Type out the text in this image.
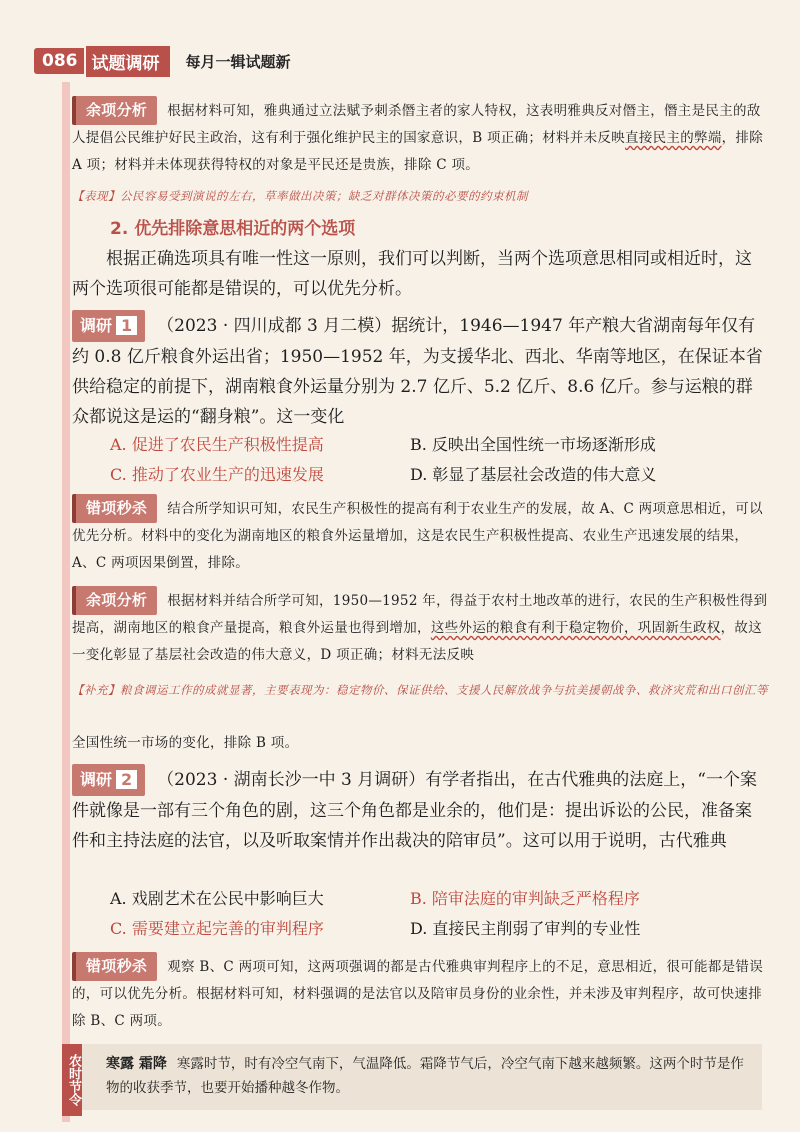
086 试题调研	每月一辑试题新
余项分析 根据材料可知，雅典通过立法赋予刺杀僭主者的家人特权，这表明雅典反对僭主，僭主是民主的敌人提倡公民维护好民主政治，这有利于强化维护民主的国家意识，B 项正确；材料并未反映直接民主的弊端，排除 A 项；材料并未体现获得特权的对象是平民还是贵族，排除 C 项。
【表现】公民容易受到演说的左右，草率做出决策；缺乏对群体决策的必要的约束机制
2. 优先排除意思相近的两个选项
根据正确选项具有唯一性这一原则，我们可以判断，当两个选项意思相同或相近时，这两个选项很可能都是错误的，可以优先分析。
调研 1 （2023 · 四川成都 3 月二模）据统计，1946—1947 年产粮大省湖南每年仅有约 0.8 亿斤粮食外运出省；1950—1952 年，为支援华北、西北、华南等地区，在保证本省供给稳定的前提下，湖南粮食外运量分别为 2.7 亿斤、5.2 亿斤、8.6 亿斤。参与运粮的群众都说这是运的“翻身粮”。这一变化
A. 促进了农民生产积极性提高	B. 反映出全国性统一市场逐渐形成
C. 推动了农业生产的迅速发展	D. 彰显了基层社会改造的伟大意义
错项秒杀 结合所学知识可知，农民生产积极性的提高有利于农业生产的发展，故 A、C 两项意思相近，可以优先分析。材料中的变化为湖南地区的粮食外运量增加，这是农民生产积极性提高、农业生产迅速发展的结果，A、C 两项因果倒置，排除。
余项分析 根据材料并结合所学可知，1950—1952 年，得益于农村土地改革的进行，农民的生产积极性得到提高，湖南地区的粮食产量提高，粮食外运量也得到增加，这些外运的粮食有利于稳定物价，巩固新生政权，故这一变化彰显了基层社会改造的伟大意义，D 项正确；材料无法反映
【补充】粮食调运工作的成就显著，主要表现为：稳定物价、保证供给、支援人民解放战争与抗美援朝战争、救济灾荒和出口创汇等
全国性统一市场的变化，排除 B 项。
调研 2 （2023 · 湖南长沙一中 3 月调研）有学者指出，在古代雅典的法庭上，“一个案件就像是一部有三个角色的剧，这三个角色都是业余的，他们是：提出诉讼的公民，准备案件和主持法庭的法官，以及听取案情并作出裁决的陪审员”。这可以用于说明，古代雅典
A. 戏剧艺术在公民中影响巨大	B. 陪审法庭的审判缺乏严格程序
C. 需要建立起完善的审判程序	D. 直接民主削弱了审判的专业性
错项秒杀 观察 B、C 两项可知，这两项强调的都是古代雅典审判程序上的不足，意思相近，很可能都是错误的，可以优先分析。根据材料可知，材料强调的是法官以及陪审员身份的业余性，并未涉及审判程序，故可快速排除 B、C 两项。
农时节令 寒露 霜降 寒露时节，时有冷空气南下，气温降低。霜降节气后，冷空气南下越来越频繁。这两个时节是作物的收获季节，也要开始播种越冬作物。
